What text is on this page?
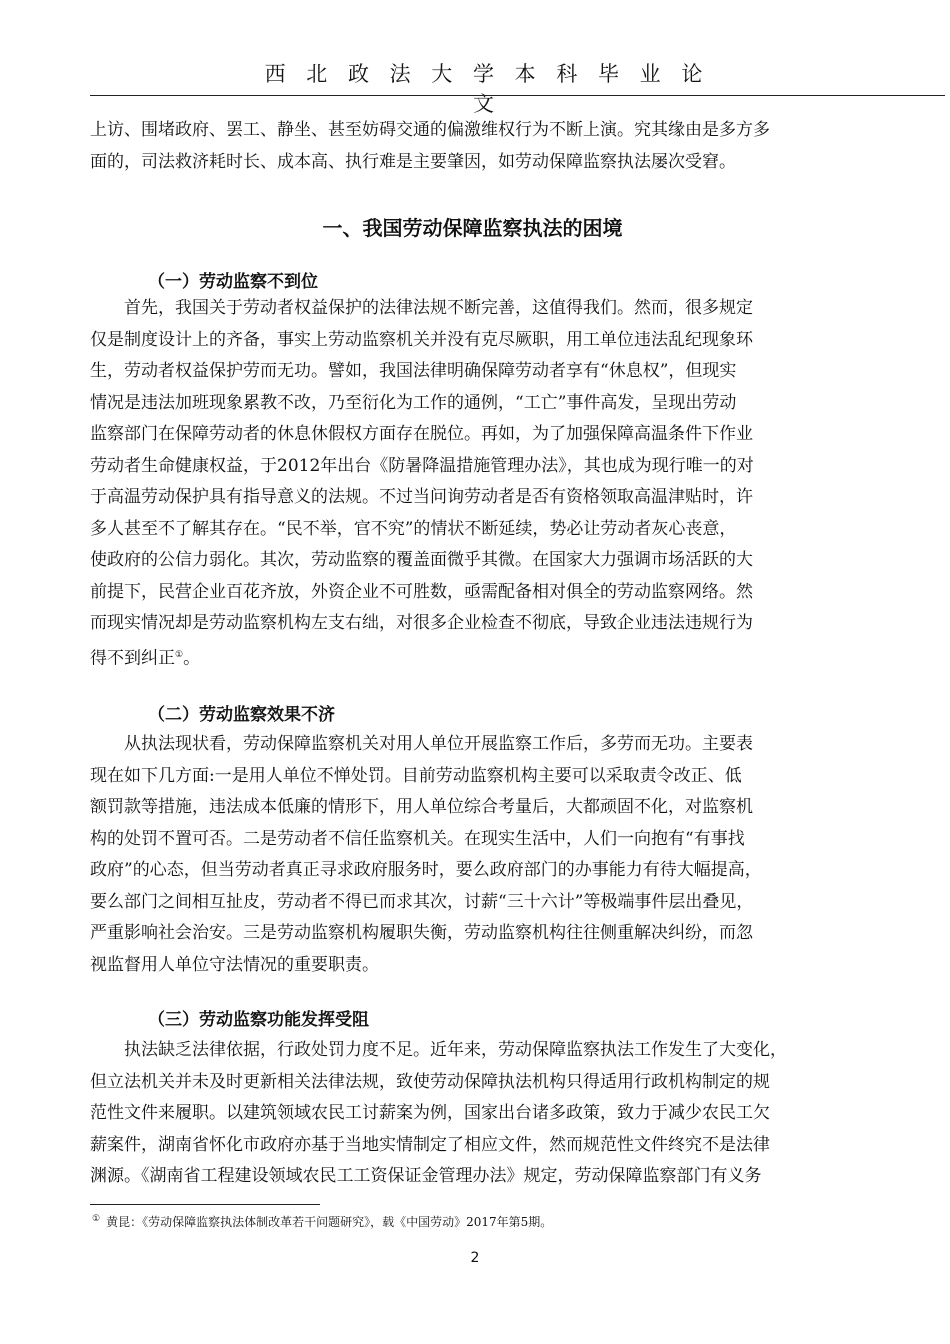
西 北 政 法 大 学 本 科 毕 业 论 文
上访、围堵政府、罢工、静坐、甚至妨碍交通的偏激维权行为不断上演。究其缘由是多方多
面的，司法救济耗时长、成本高、执行难是主要肇因，如劳动保障监察执法屡次受窘。
一、我国劳动保障监察执法的困境
（一）劳动监察不到位
　　首先，我国关于劳动者权益保护的法律法规不断完善，这值得我们。然而，很多规定
仅是制度设计上的齐备，事实上劳动监察机关并没有克尽厥职，用工单位违法乱纪现象环
生，劳动者权益保护劳而无功。譬如，我国法律明确保障劳动者享有“休息权”，但现实
情况是违法加班现象累教不改，乃至衍化为工作的通例，“工亡”事件高发，呈现出劳动
监察部门在保障劳动者的休息休假权方面存在脱位。再如，为了加强保障高温条件下作业
劳动者生命健康权益，于2012年出台《防暑降温措施管理办法》，其也成为现行唯一的对
于高温劳动保护具有指导意义的法规。不过当问询劳动者是否有资格领取高温津贴时，许
多人甚至不了解其存在。“民不举，官不究”的情状不断延续，势必让劳动者灰心丧意，
使政府的公信力弱化。其次，劳动监察的覆盖面微乎其微。在国家大力强调市场活跃的大
前提下，民营企业百花齐放，外资企业不可胜数，亟需配备相对俱全的劳动监察网络。然
而现实情况却是劳动监察机构左支右绌，对很多企业检查不彻底，导致企业违法违规行为
得不到纠正①。
（二）劳动监察效果不济
　　从执法现状看，劳动保障监察机关对用人单位开展监察工作后，多劳而无功。主要表
现在如下几方面:一是用人单位不惮处罚。目前劳动监察机构主要可以采取责令改正、低
额罚款等措施，违法成本低廉的情形下，用人单位综合考量后，大都顽固不化，对监察机
构的处罚不置可否。二是劳动者不信任监察机关。在现实生活中，人们一向抱有“有事找
政府”的心态，但当劳动者真正寻求政府服务时，要么政府部门的办事能力有待大幅提高，
要么部门之间相互扯皮，劳动者不得已而求其次，讨薪“三十六计”等极端事件层出叠见，
严重影响社会治安。三是劳动监察机构履职失衡，劳动监察机构往往侧重解决纠纷，而忽
视监督用人单位守法情况的重要职责。
（三）劳动监察功能发挥受阻
　　执法缺乏法律依据，行政处罚力度不足。近年来，劳动保障监察执法工作发生了大变化，
但立法机关并未及时更新相关法律法规，致使劳动保障执法机构只得适用行政机构制定的规
范性文件来履职。以建筑领域农民工讨薪案为例，国家出台诸多政策，致力于减少农民工欠
薪案件，湖南省怀化市政府亦基于当地实情制定了相应文件，然而规范性文件终究不是法律
渊源。《湖南省工程建设领域农民工工资保证金管理办法》规定，劳动保障监察部门有义务
① 黄昆：《劳动保障监察执法体制改革若干问题研究》，载《中国劳动》2017年第5期。
2
